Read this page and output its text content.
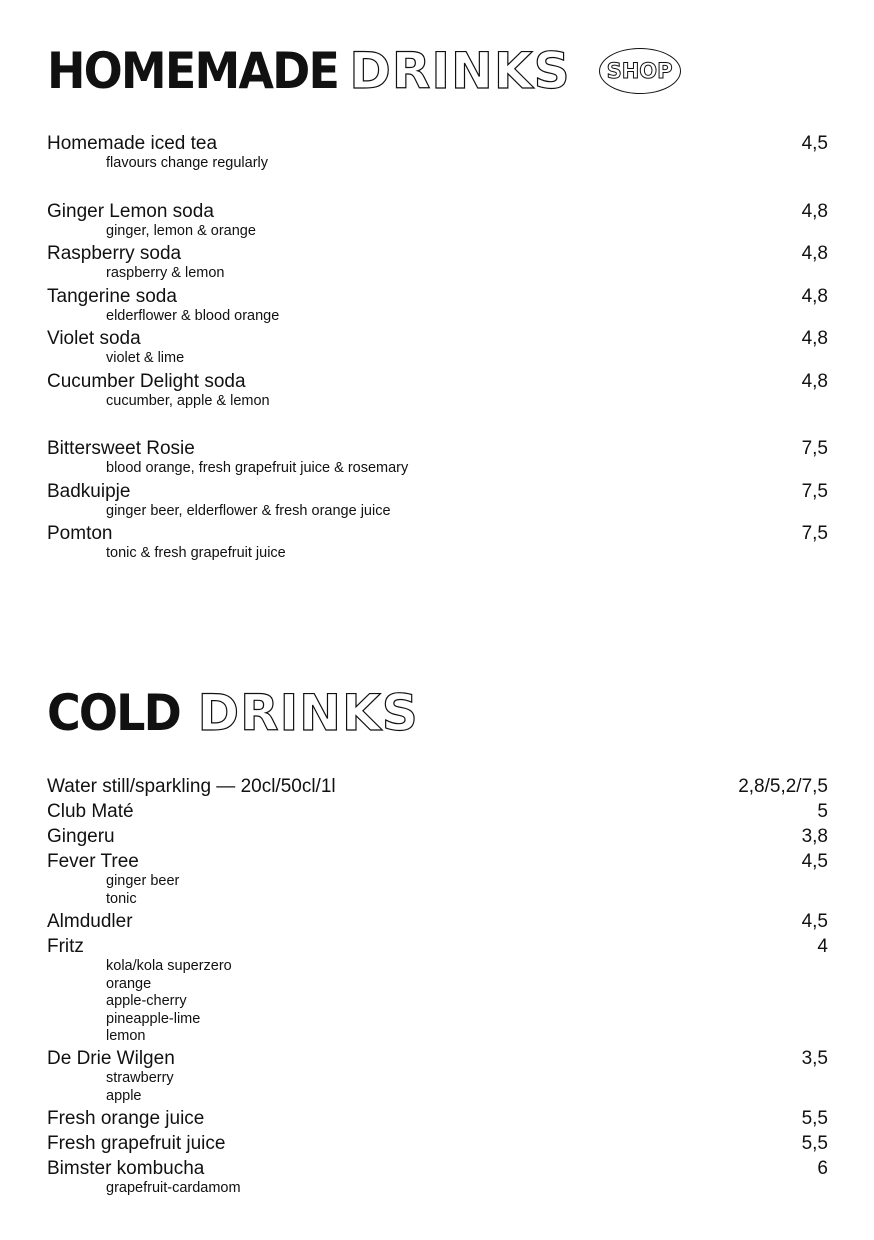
HOMEMADE DRINKS SHOP
Homemade iced tea	4,5
flavours change regularly
Ginger Lemon soda	4,8
ginger, lemon & orange
Raspberry soda	4,8
raspberry & lemon
Tangerine soda	4,8
elderflower & blood orange
Violet soda	4,8
violet & lime
Cucumber Delight soda	4,8
cucumber, apple & lemon
Bittersweet Rosie	7,5
blood orange, fresh grapefruit juice & rosemary
Badkuipje	7,5
ginger beer, elderflower & fresh orange juice
Pomton	7,5
tonic & fresh grapefruit juice
COLD DRINKS
Water still/sparkling — 20cl/50cl/1l	2,8/5,2/7,5
Club Maté	5
Gingeru	3,8
Fever Tree	4,5
ginger beer
tonic
Almdudler	4,5
Fritz	4
kola/kola superzero
orange
apple-cherry
pineapple-lime
lemon
De Drie Wilgen	3,5
strawberry
apple
Fresh orange juice	5,5
Fresh grapefruit juice	5,5
Bimster kombucha	6
grapefruit-cardamom
